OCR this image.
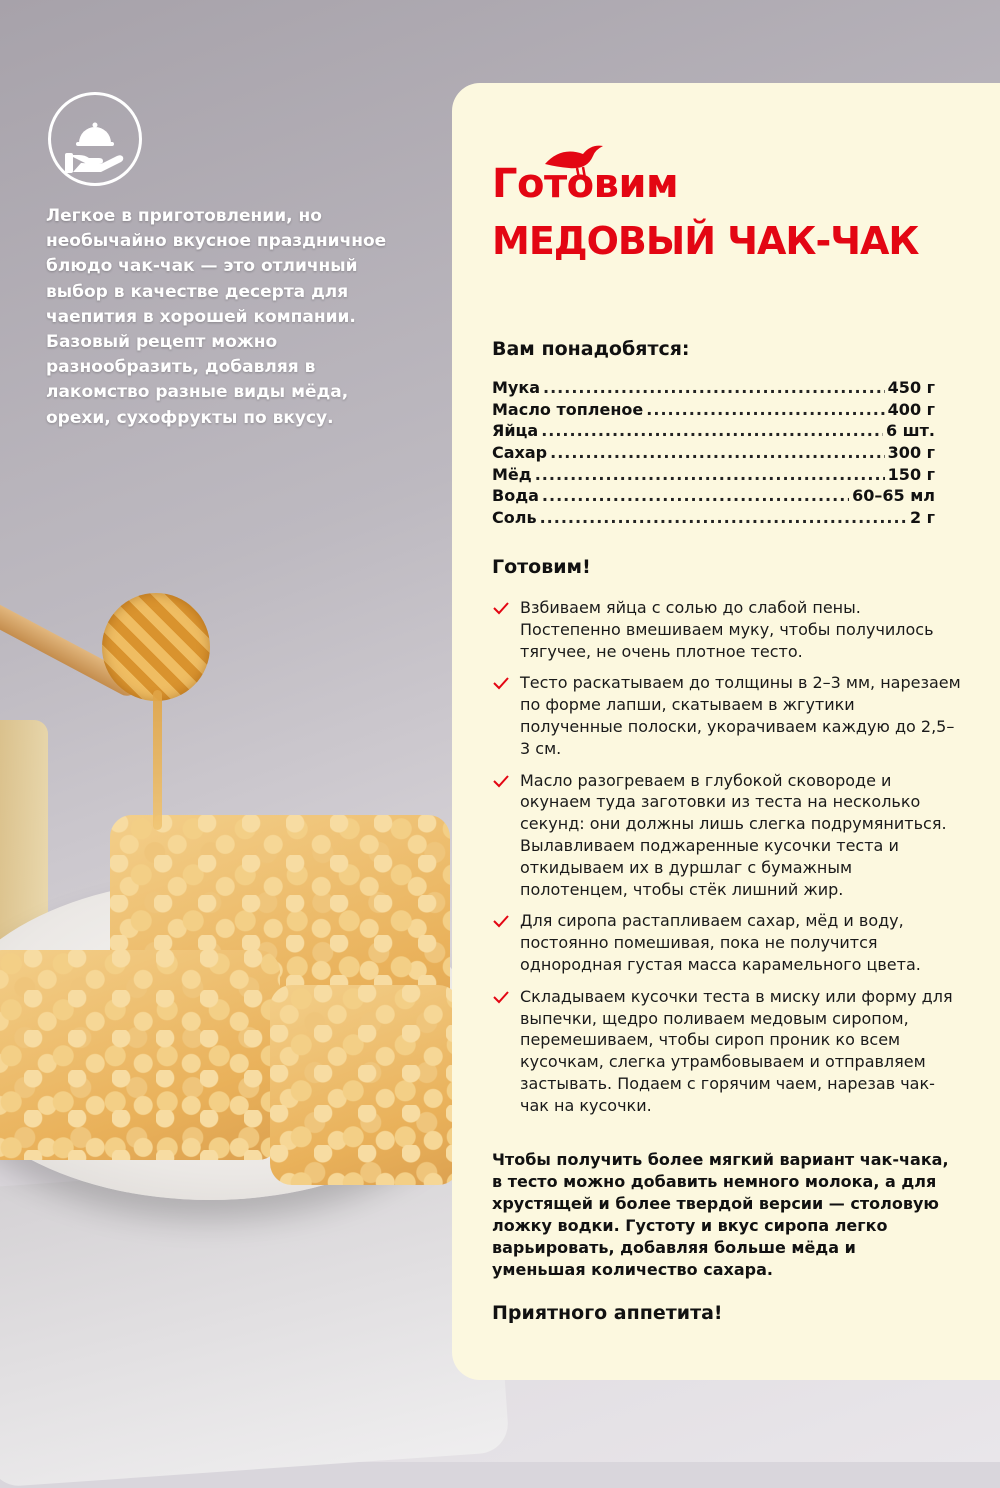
Легкое в приготовлении, но необычайно вкусное праздничное блюдо чак-чак — это отличный выбор в качестве десерта для чаепития в хорошей компании. Базовый рецепт можно разнообразить, добавляя в лакомство разные виды мёда, орехи, сухофрукты по вкусу.

Готовим
МЕДОВЫЙ ЧАК-ЧАК
Вам понадобятся:
Мука .....	450 г
Масло топленое .....	400 г
Яйца .....	6 шт.
Сахар .....	300 г
Мёд .....	150 г
Вода .....	60–65 мл
Соль .....	2 г
Готовим!
Взбиваем яйца с солью до слабой пены. Постепенно вмешиваем муку, чтобы получилось тягучее, не очень плотное тесто.
Тесто раскатываем до толщины в 2–3 мм, нарезаем по форме лапши, скатываем в жгутики полученные полоски, укорачиваем каждую до 2,5–3 см.
Масло разогреваем в глубокой сковороде и окунаем туда заготовки из теста на несколько секунд: они должны лишь слегка подрумяниться. Вылавливаем поджаренные кусочки теста и откидываем их в дуршлаг с бумажным полотенцем, чтобы стёк лишний жир.
Для сиропа растапливаем сахар, мёд и воду, постоянно помешивая, пока не получится однородная густая масса карамельного цвета.
Складываем кусочки теста в миску или форму для выпечки, щедро поливаем медовым сиропом, перемешиваем, чтобы сироп проник ко всем кусочкам, слегка утрамбовываем и отправляем застывать. Подаем с горячим чаем, нарезав чак-чак на кусочки.

Чтобы получить более мягкий вариант чак-чака, в тесто можно добавить немного молока, а для хрустящей и более твердой версии — столовую ложку водки. Густоту и вкус сиропа легко варьировать, добавляя больше мёда и уменьшая количество сахара.

Приятного аппетита!
